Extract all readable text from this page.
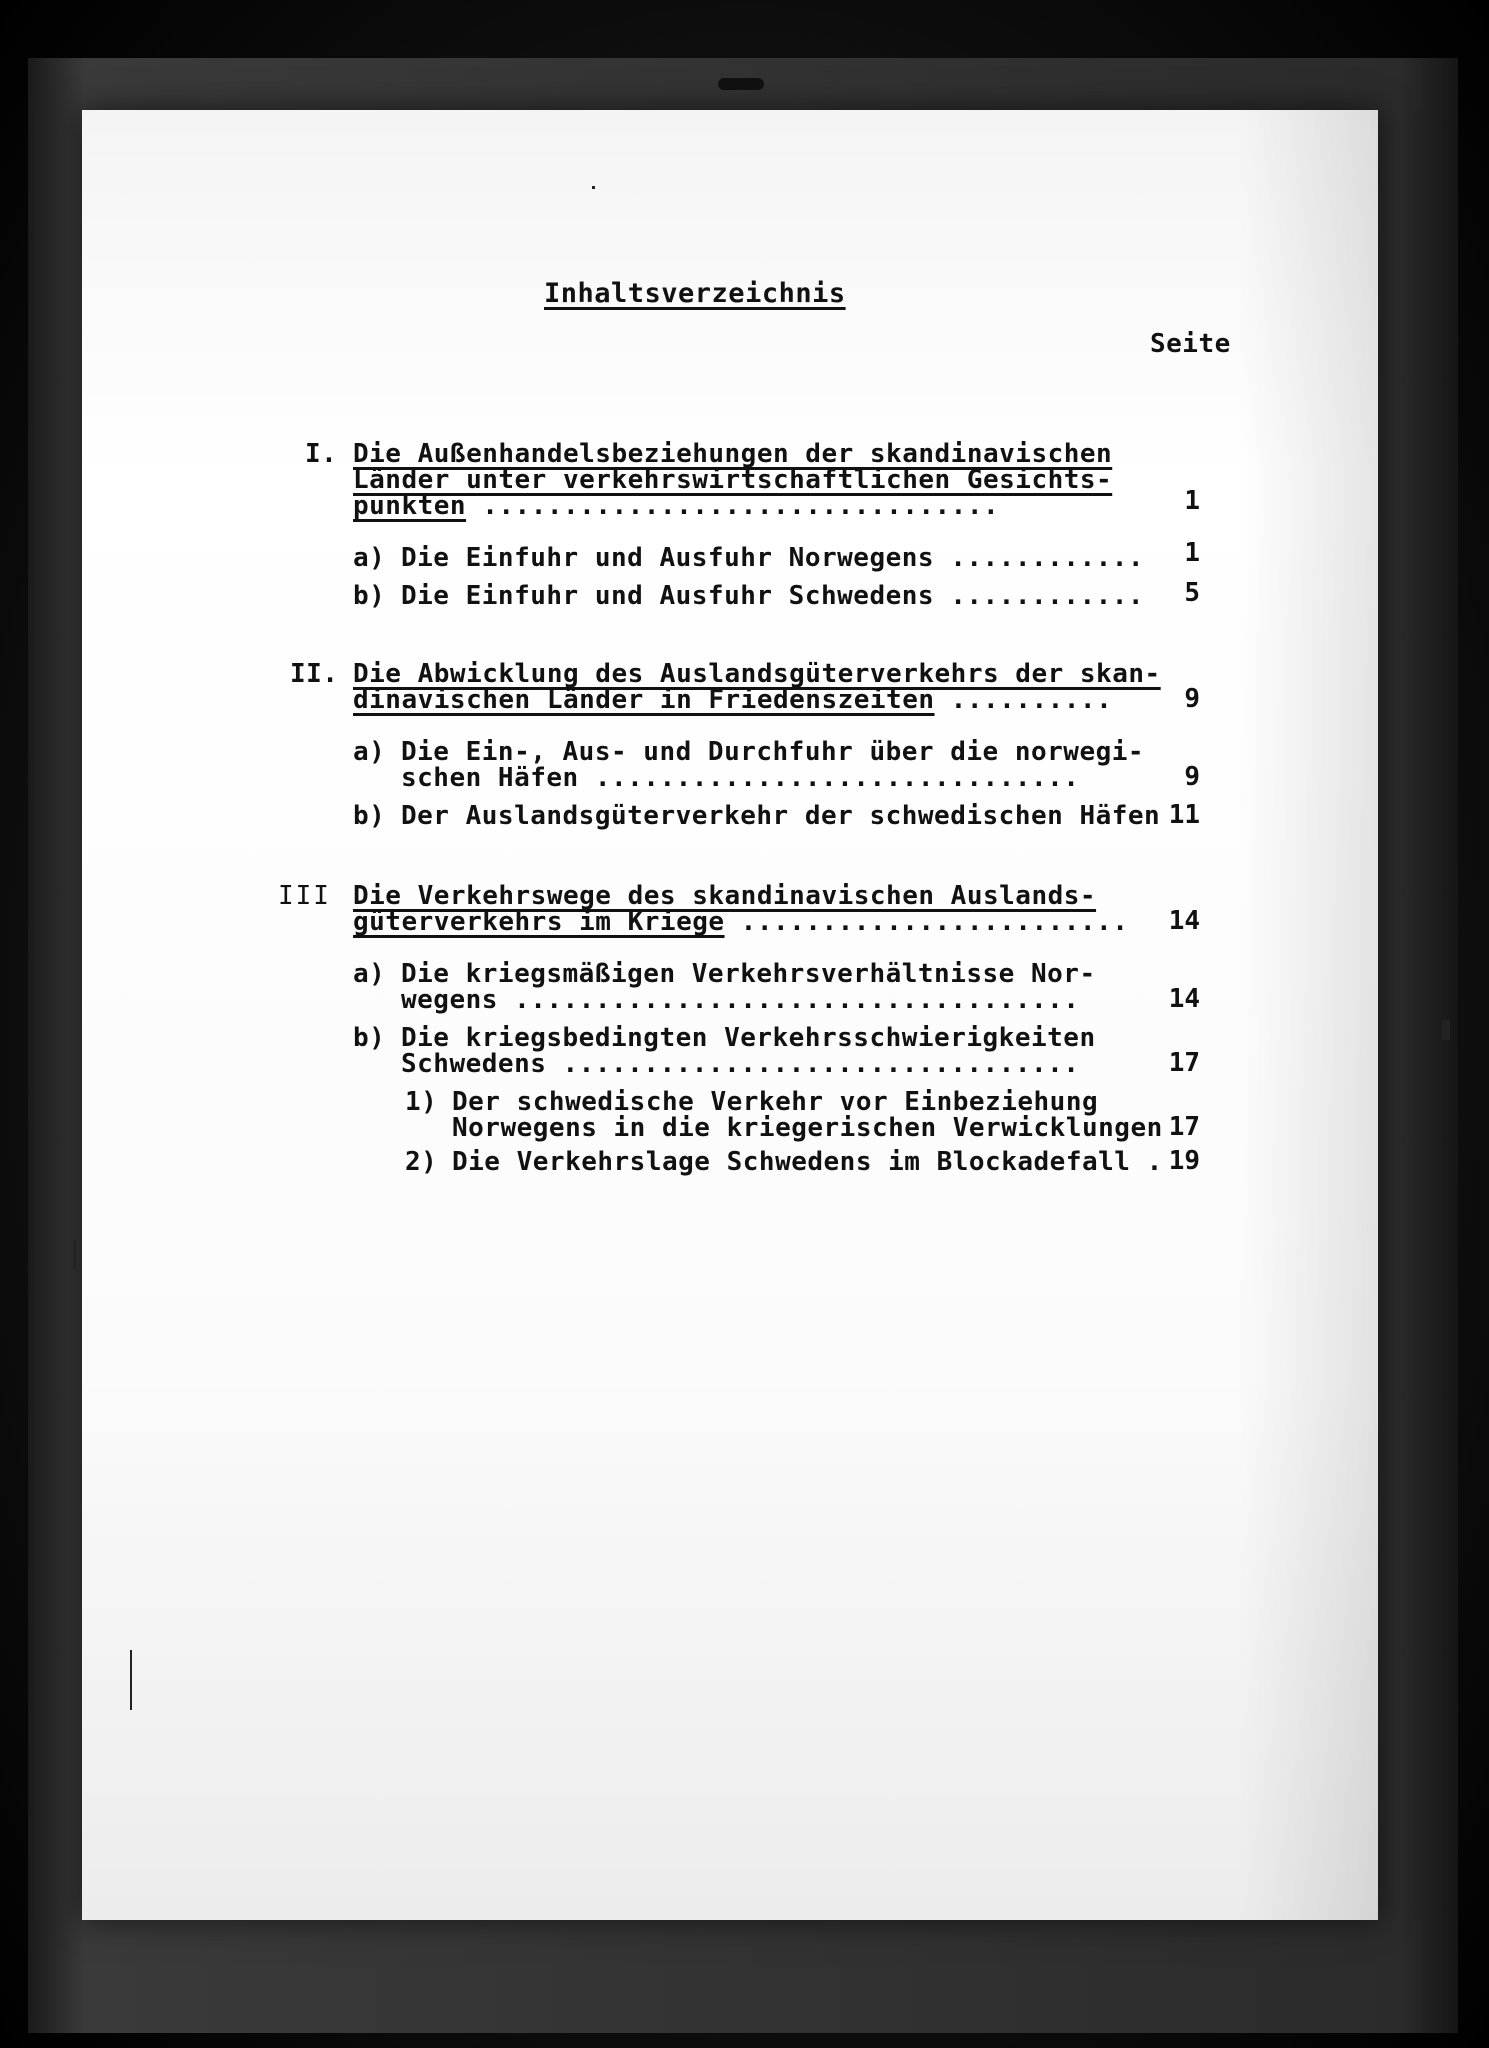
Inhaltsverzeichnis
Seite
I. Die Außenhandelsbeziehungen der skandinavischen
Länder unter verkehrswirtschaftlichen Gesichts-
punkten ................................	1
a) Die Einfuhr und Ausfuhr Norwegens ............	1
b) Die Einfuhr und Ausfuhr Schwedens ............	5
II. Die Abwicklung des Auslandsgüterverkehrs der skan-
dinavischen Länder in Friedenszeiten ..........	9
a) Die Ein-, Aus- und Durchfuhr über die norwegi-
schen Häfen ..............................	9
b) Der Auslandsgüterverkehr der schwedischen Häfen 11
III Die Verkehrswege des skandinavischen Auslands-
güterverkehrs im Kriege ........................	14
a) Die kriegsmäßigen Verkehrsverhältnisse Nor-
wegens ...................................	14
b) Die kriegsbedingten Verkehrsschwierigkeiten
Schwedens ................................	17
1) Der schwedische Verkehr vor Einbeziehung
Norwegens in die kriegerischen Verwicklungen 17
2) Die Verkehrslage Schwedens im Blockadefall . 19
